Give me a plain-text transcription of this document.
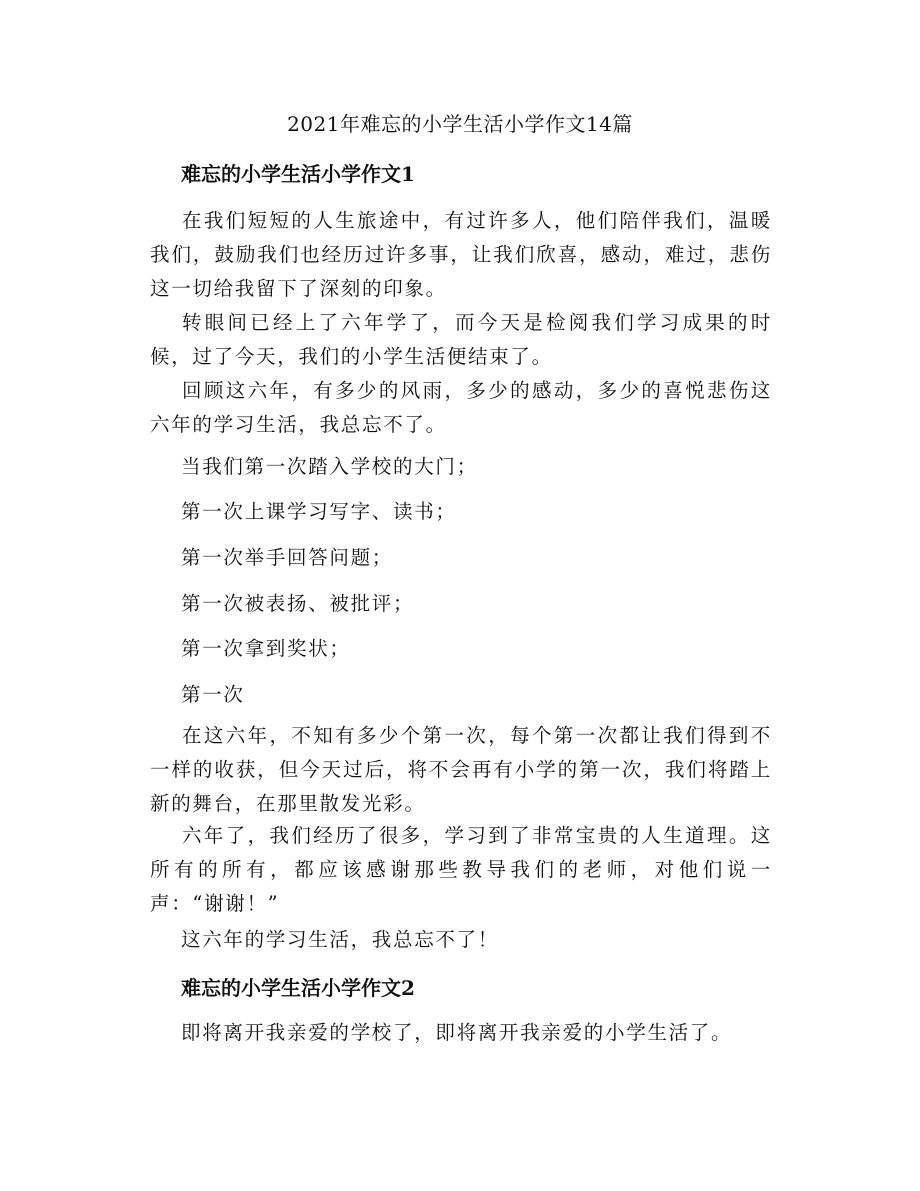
2021年难忘的小学生活小学作文14篇
难忘的小学生活小学作文1
在我们短短的人生旅途中，有过许多人，他们陪伴我们，温暖我们，鼓励我们也经历过许多事，让我们欣喜，感动，难过，悲伤这一切给我留下了深刻的印象。
转眼间已经上了六年学了，而今天是检阅我们学习成果的时候，过了今天，我们的小学生活便结束了。
回顾这六年，有多少的风雨，多少的感动，多少的喜悦悲伤这六年的学习生活，我总忘不了。
当我们第一次踏入学校的大门；
第一次上课学习写字、读书；
第一次举手回答问题；
第一次被表扬、被批评；
第一次拿到奖状；
第一次
在这六年，不知有多少个第一次，每个第一次都让我们得到不一样的收获，但今天过后，将不会再有小学的第一次，我们将踏上新的舞台，在那里散发光彩。
六年了，我们经历了很多，学习到了非常宝贵的人生道理。这所有的所有，都应该感谢那些教导我们的老师，对他们说一声：“谢谢！”
这六年的学习生活，我总忘不了！
难忘的小学生活小学作文2
即将离开我亲爱的学校了，即将离开我亲爱的小学生活了。
